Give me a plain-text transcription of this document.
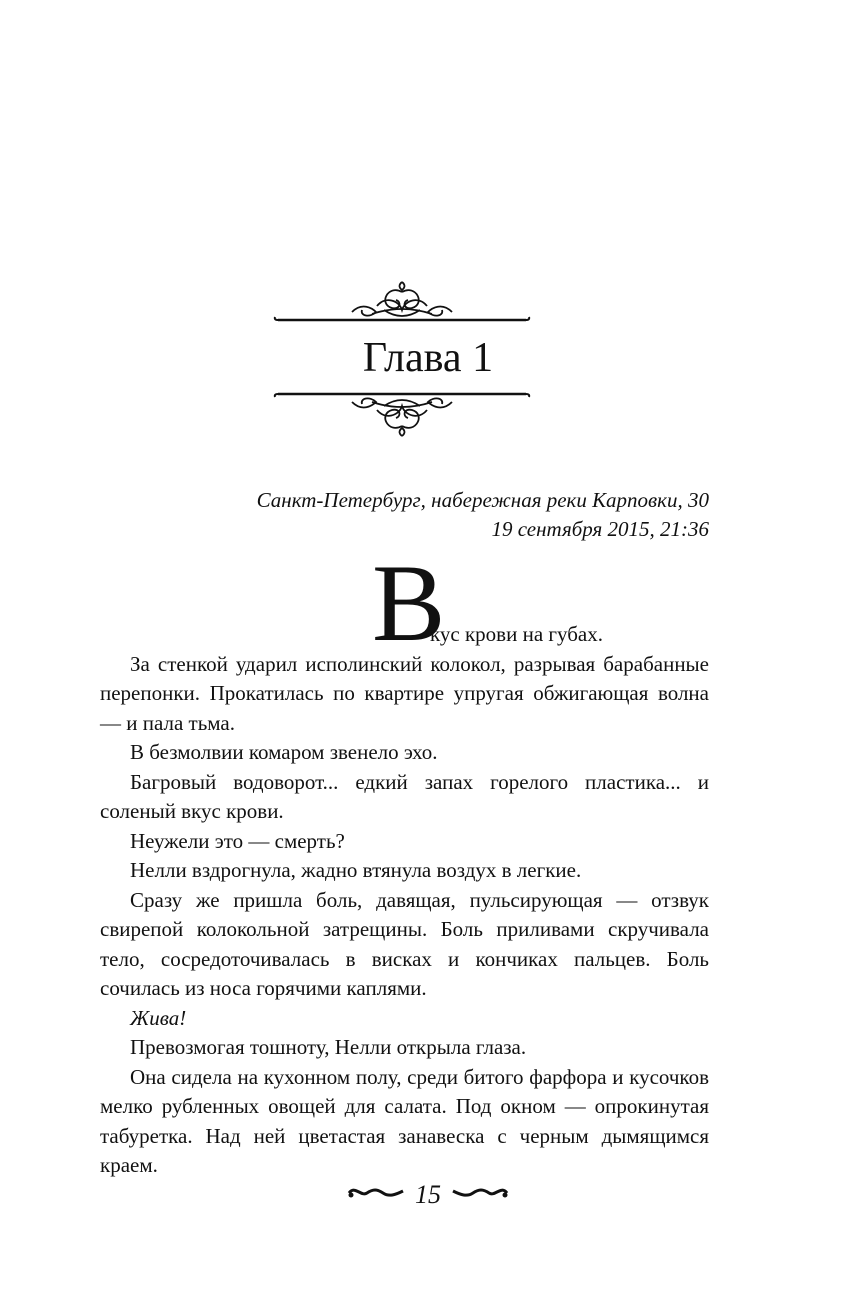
Глава 1
Санкт-Петербург, набережная реки Карповки, 30
19 сентября 2015, 21:36
В

кус крови на губах.

За стенкой ударил исполинский колокол, разрывая барабанные перепонки. Прокатилась по квартире упругая обжигающая волна — и пала тьма.

В безмолвии комаром звенело эхо.

Багровый водоворот... едкий запах горелого пластика... и соленый вкус крови.

Неужели это — смерть?

Нелли вздрогнула, жадно втянула воздух в легкие.

Сразу же пришла боль, давящая, пульсирующая — отзвук свирепой колокольной затрещины. Боль приливами скручивала тело, сосредоточивалась в висках и кончиках пальцев. Боль сочилась из носа горячими каплями.

Жива!

Превозмогая тошноту, Нелли открыла глаза.

Она сидела на кухонном полу, среди битого фарфора и кусочков мелко рубленных овощей для салата. Под окном — опрокинутая табуретка. Над ней цветастая занавеска с черным дымящимся краем.

15
